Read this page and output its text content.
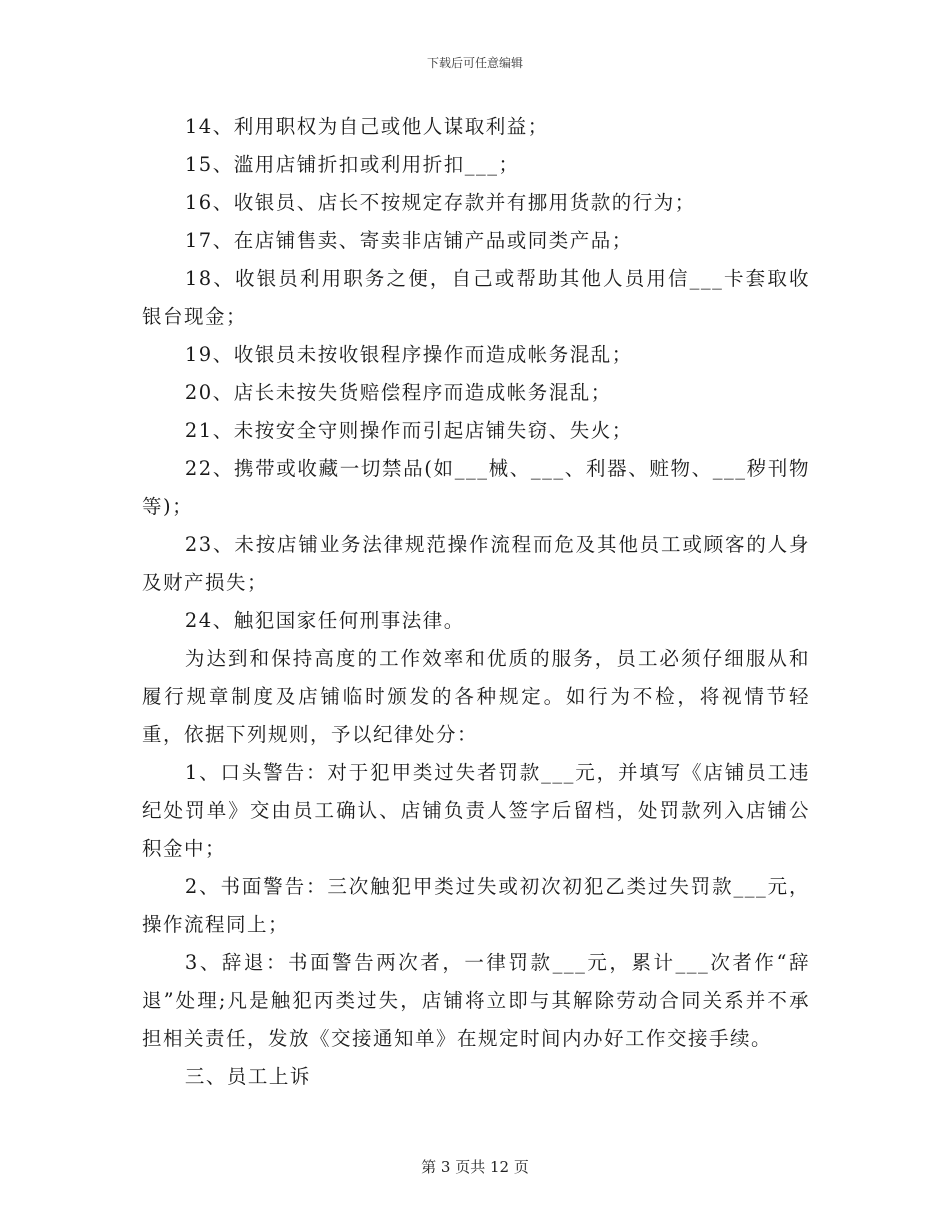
下载后可任意编辑

14、利用职权为自己或他人谋取利益；

15、滥用店铺折扣或利用折扣___；

16、收银员、店长不按规定存款并有挪用货款的行为；

17、在店铺售卖、寄卖非店铺产品或同类产品；

18、收银员利用职务之便，自己或帮助其他人员用信___卡套取收银台现金；

19、收银员未按收银程序操作而造成帐务混乱；

20、店长未按失货赔偿程序而造成帐务混乱；

21、未按安全守则操作而引起店铺失窃、失火；

22、携带或收藏一切禁品(如___械、___、利器、赃物、___秽刊物等)；

23、未按店铺业务法律规范操作流程而危及其他员工或顾客的人身及财产损失；

24、触犯国家任何刑事法律。

为达到和保持高度的工作效率和优质的服务，员工必须仔细服从和履行规章制度及店铺临时颁发的各种规定。如行为不检，将视情节轻重，依据下列规则，予以纪律处分：

1、口头警告：对于犯甲类过失者罚款___元，并填写《店铺员工违纪处罚单》交由员工确认、店铺负责人签字后留档，处罚款列入店铺公积金中；

2、书面警告：三次触犯甲类过失或初次初犯乙类过失罚款___元，操作流程同上；

3、辞退：书面警告两次者，一律罚款___元，累计___次者作“辞退”处理;凡是触犯丙类过失，店铺将立即与其解除劳动合同关系并不承担相关责任，发放《交接通知单》在规定时间内办好工作交接手续。

三、员工上诉

第 3 页共 12 页
